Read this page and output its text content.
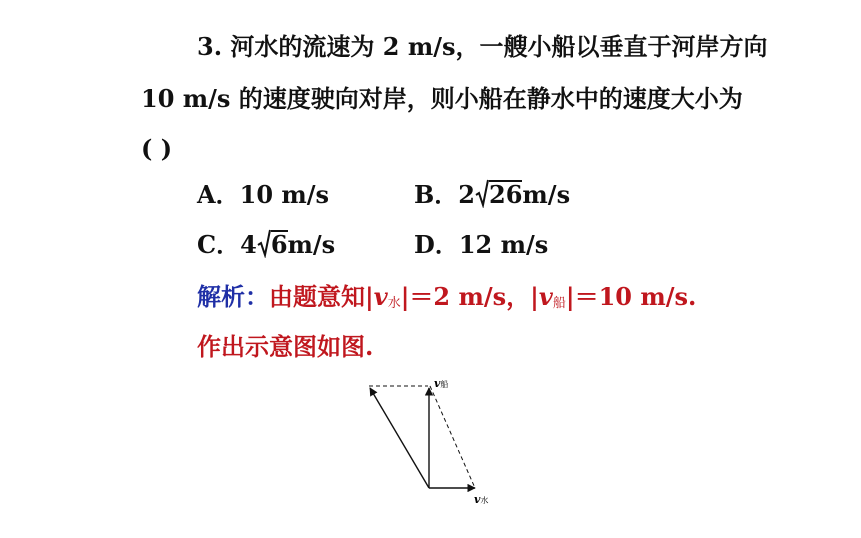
3. 河水的流速为 2 m/s，一艘小船以垂直于河岸方向
10 m/s 的速度驶向对岸，则小船在静水中的速度大小为
( )
A．10 m/s	B．2 26m/s
C．4 6m/s	D．12 m/s
解析：由题意知|v水|＝2 m/s，|v船|＝10 m/s.
作出示意图如图.
v船
v水
